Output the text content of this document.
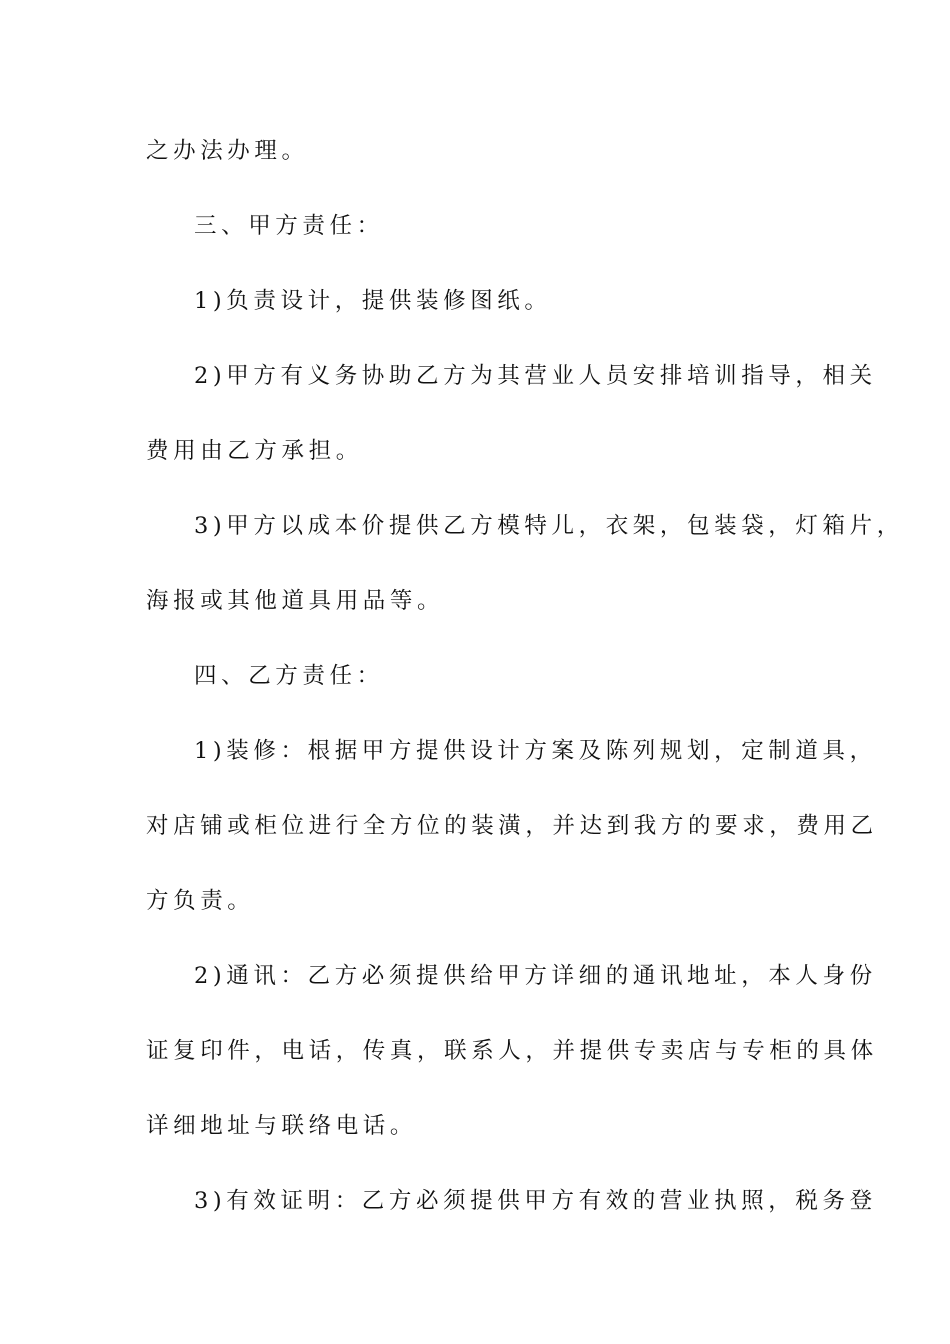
之办法办理。
三、甲方责任：
1)负责设计，提供装修图纸。
2)甲方有义务协助乙方为其营业人员安排培训指导，相关
费用由乙方承担。
3)甲方以成本价提供乙方模特儿，衣架，包装袋，灯箱片，
海报或其他道具用品等。
四、乙方责任：
1)装修：根据甲方提供设计方案及陈列规划，定制道具，
对店铺或柜位进行全方位的装潢，并达到我方的要求，费用乙
方负责。
2)通讯：乙方必须提供给甲方详细的通讯地址，本人身份
证复印件，电话，传真，联系人，并提供专卖店与专柜的具体
详细地址与联络电话。
3)有效证明：乙方必须提供甲方有效的营业执照，税务登
